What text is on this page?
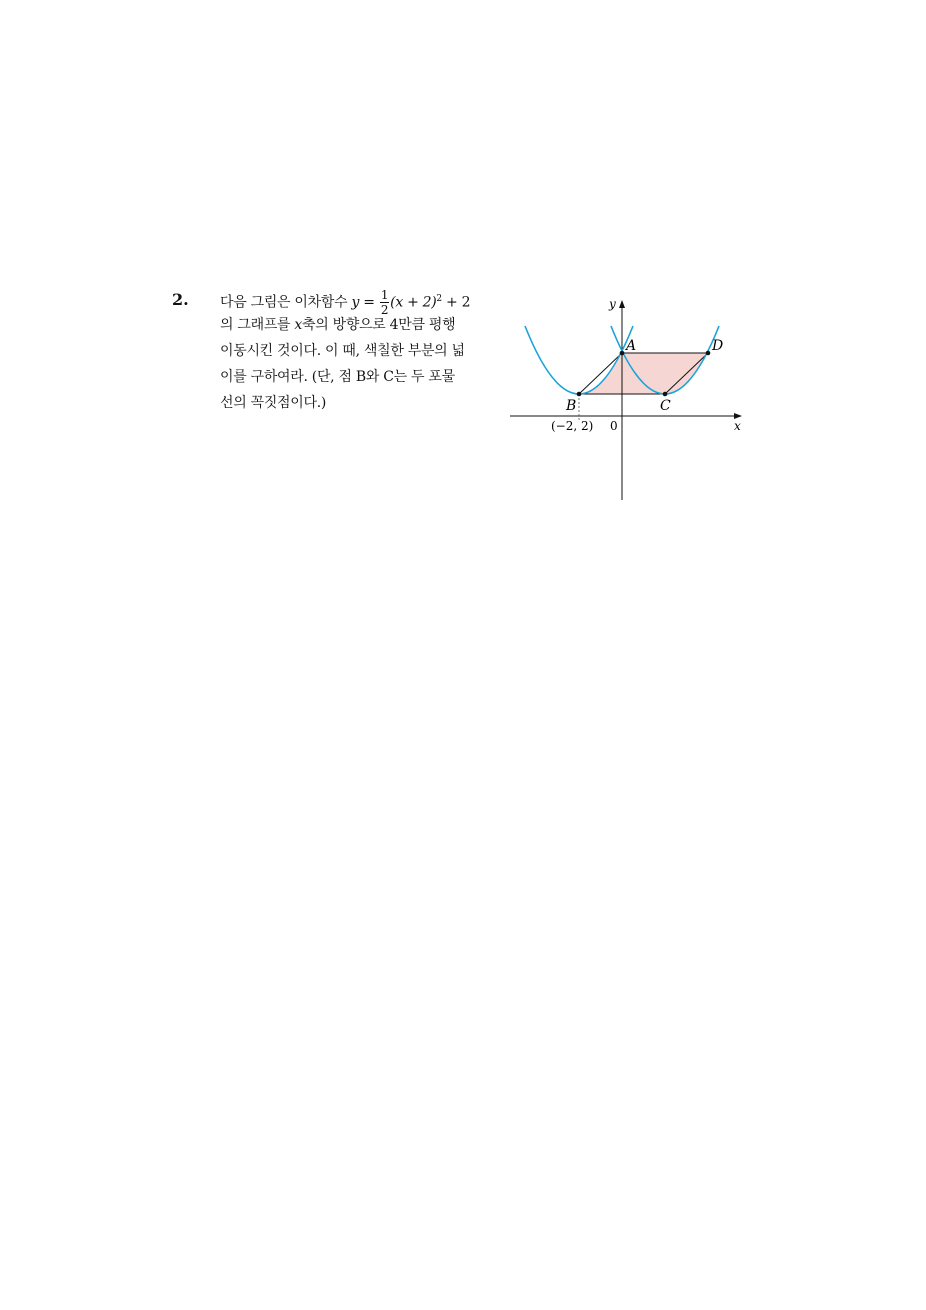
2. 다음 그림은 이차함수 $y = \frac{1}{2} (x + 2)^2 + 2$
의 그래프를 x축의 방향으로 4만큼 평행
이동시킨 것이다. 이 때, 색칠한 부분의 넓
이를 구하여라. (단, 점 B와 C는 두 포물
선의 꼭짓점이다.)
A
B	C
D
x
y
0
(−2, 2)
